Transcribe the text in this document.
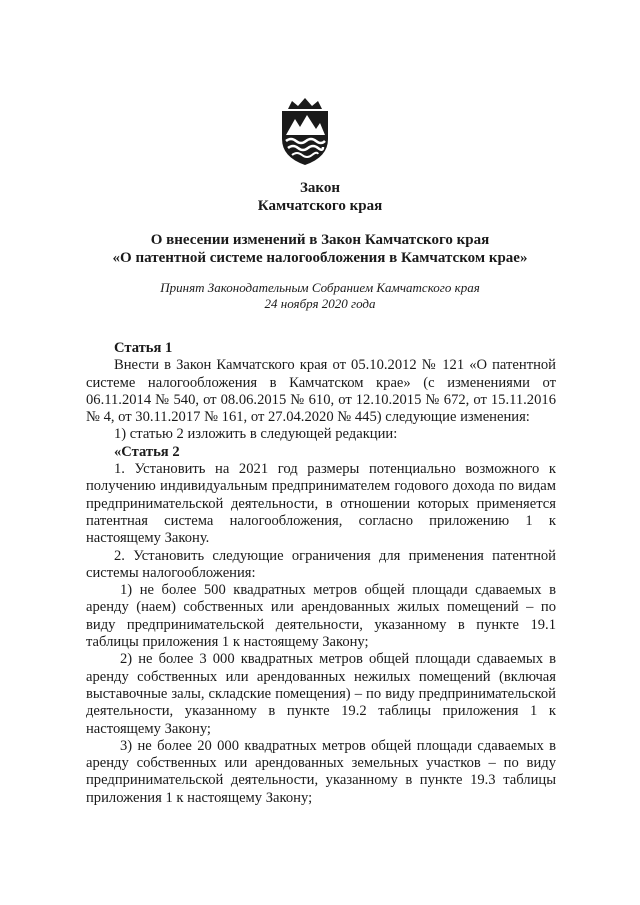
Закон
Камчатского края
О внесении изменений в Закон Камчатского края
«О патентной системе налогообложения в Камчатском крае»
Принят Законодательным Собранием Камчатского края
24 ноября 2020 года

Статья 1

Внести в Закон Камчатского края от 05.10.2012 № 121 «О патентной системе налогообложения в Камчатском крае» (с изменениями от 06.11.2014 № 540, от 08.06.2015 № 610, от 12.10.2015 № 672, от 15.11.2016 № 4, от 30.11.2017 № 161, от 27.04.2020 № 445) следующие изменения:

1) статью 2 изложить в следующей редакции:

«Статья 2

1. Установить на 2021 год размеры потенциально возможного к получению индивидуальным предпринимателем годового дохода по видам предпринимательской деятельности, в отношении которых применяется патентная система налогообложения, согласно приложению 1 к настоящему Закону.

2. Установить следующие ограничения для применения патентной системы налогообложения:

1) не более 500 квадратных метров общей площади сдаваемых в аренду (наем) собственных или арендованных жилых помещений – по виду предпринимательской деятельности, указанному в пункте 19.1 таблицы приложения 1 к настоящему Закону;

2) не более 3 000 квадратных метров общей площади сдаваемых в аренду собственных или арендованных нежилых помещений (включая выставочные залы, складские помещения) – по виду предпринимательской деятельности, указанному в пункте 19.2 таблицы приложения 1 к настоящему Закону;

3) не более 20 000 квадратных метров общей площади сдаваемых в аренду собственных или арендованных земельных участков – по виду предпринимательской деятельности, указанному в пункте 19.3 таблицы приложения 1 к настоящему Закону;
